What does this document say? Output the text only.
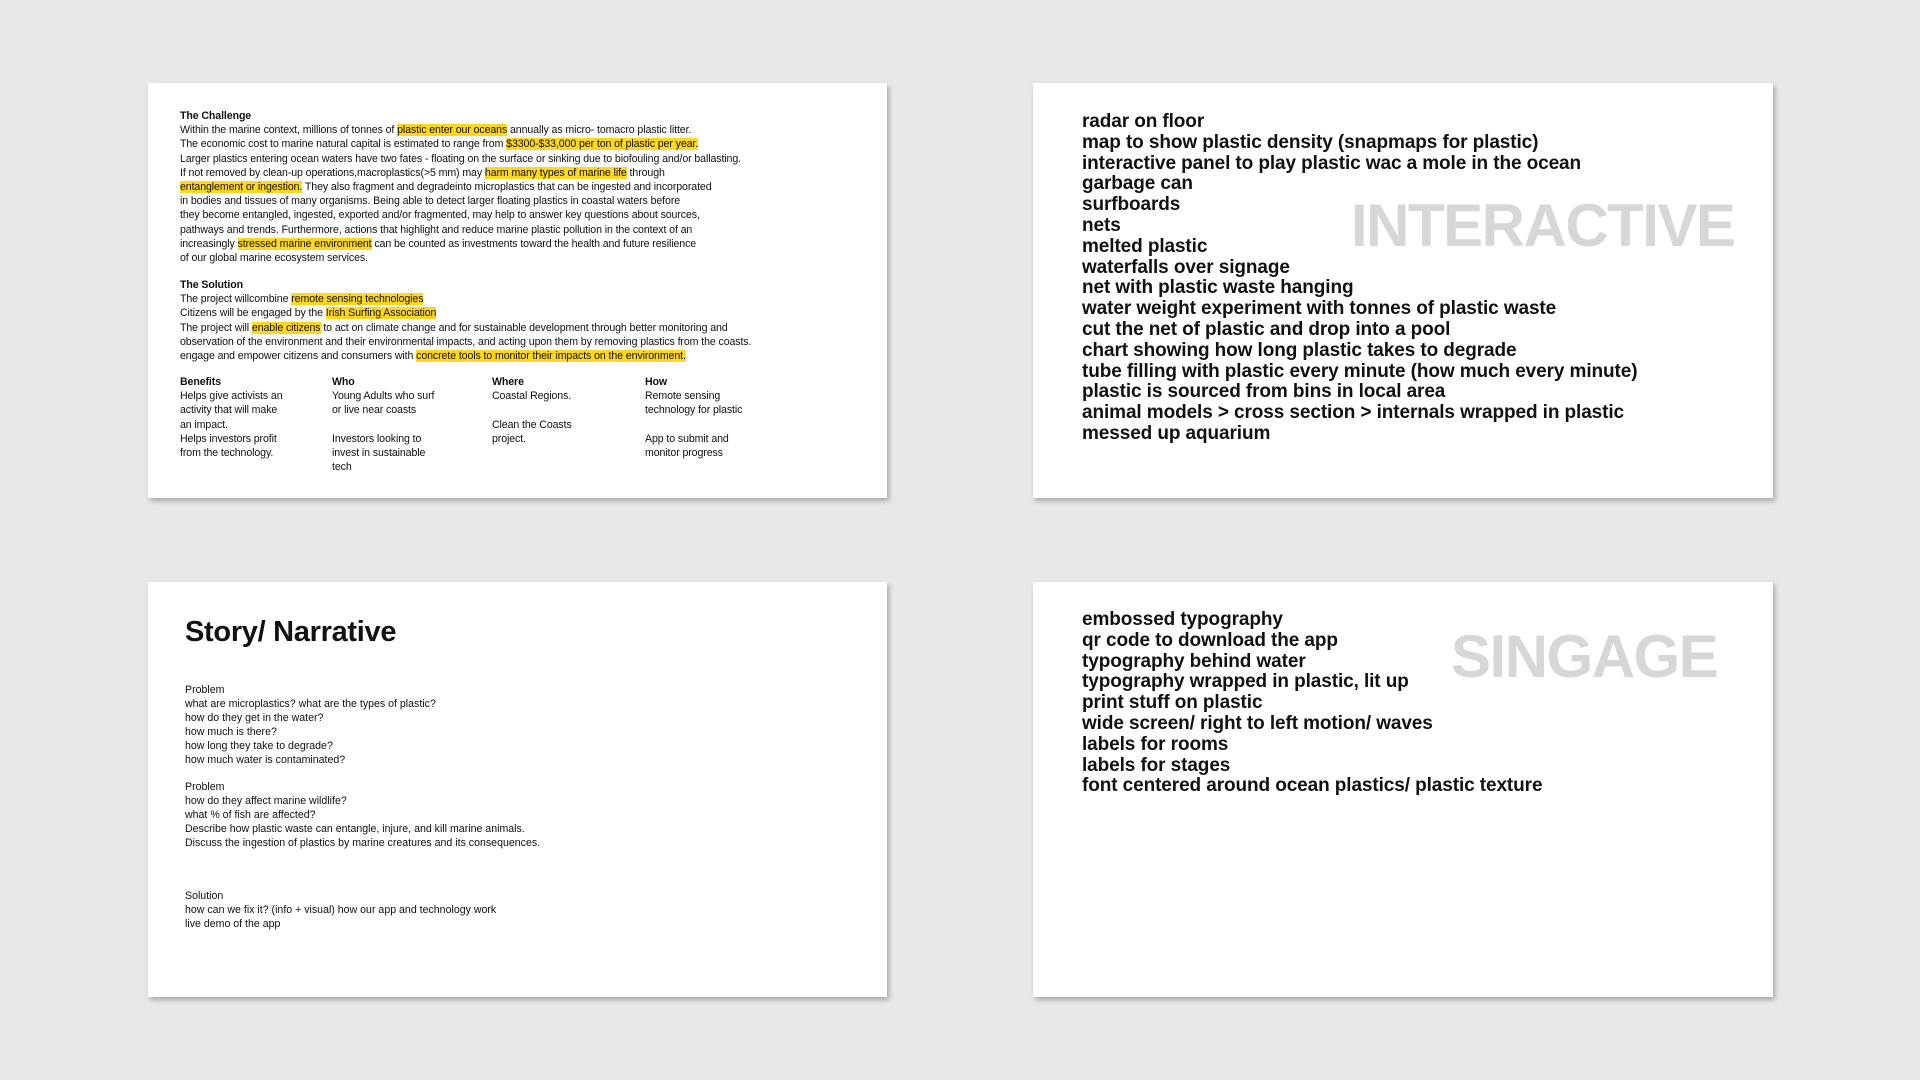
The Challenge
Within the marine context, millions of tonnes of plastic enter our oceans annually as micro- tomacro plastic litter.
The economic cost to marine natural capital is estimated to range from $3300-$33,000 per ton of plastic per year.
Larger plastics entering ocean waters have two fates - floating on the surface or sinking due to biofouling and/or ballasting.
If not removed by clean-up operations,macroplastics(>5 mm) may harm many types of marine life through
entanglement or ingestion. They also fragment and degradeinto microplastics that can be ingested and incorporated
in bodies and tissues of many organisms. Being able to detect larger floating plastics in coastal waters before
they become entangled, ingested, exported and/or fragmented, may help to answer key questions about sources,
pathways and trends. Furthermore, actions that highlight and reduce marine plastic pollution in the context of an
increasingly stressed marine environment can be counted as investments toward the health and future resilience
of our global marine ecosystem services.
The Solution
The project willcombine remote sensing technologies
Citizens will be engaged by the Irish Surfing Association
The project will enable citizens to act on climate change and for sustainable development through better monitoring and
observation of the environment and their environmental impacts, and acting upon them by removing plastics from the coasts.
engage and empower citizens and consumers with concrete tools to monitor their impacts on the environment.
Benefits
Helps give activists an
activity that will make
an impact.
Helps investors profit
from the technology.
Who
Young Adults who surf
or live near coasts

Investors looking to
invest in sustainable
tech
Where
Coastal Regions.

Clean the Coasts
project.
How
Remote sensing
technology for plastic

App to submit and
monitor progress
INTERACTIVE
radar on floor
map to show plastic density (snapmaps for plastic)
interactive panel to play plastic wac a mole in the ocean
garbage can
surfboards
nets
melted plastic
waterfalls over signage
net with plastic waste hanging
water weight experiment with tonnes of plastic waste
cut the net of plastic and drop into a pool
chart showing how long plastic takes to degrade
tube filling with plastic every minute (how much every minute)
plastic is sourced from bins in local area
animal models > cross section > internals wrapped in plastic
messed up aquarium
Story/ Narrative
Problem
what are microplastics? what are the types of plastic?
how do they get in the water?
how much is there?
how long they take to degrade?
how much water is contaminated?
Problem
how do they affect marine wildlife?
what % of fish are affected?
Describe how plastic waste can entangle, injure, and kill marine animals.
Discuss the ingestion of plastics by marine creatures and its consequences.
Solution
how can we fix it? (info + visual) how our app and technology work
live demo of the app
SINGAGE
embossed typography
qr code to download the app
typography behind water
typography wrapped in plastic, lit up
print stuff on plastic
wide screen/ right to left motion/ waves
labels for rooms
labels for stages
font centered around ocean plastics/ plastic texture
